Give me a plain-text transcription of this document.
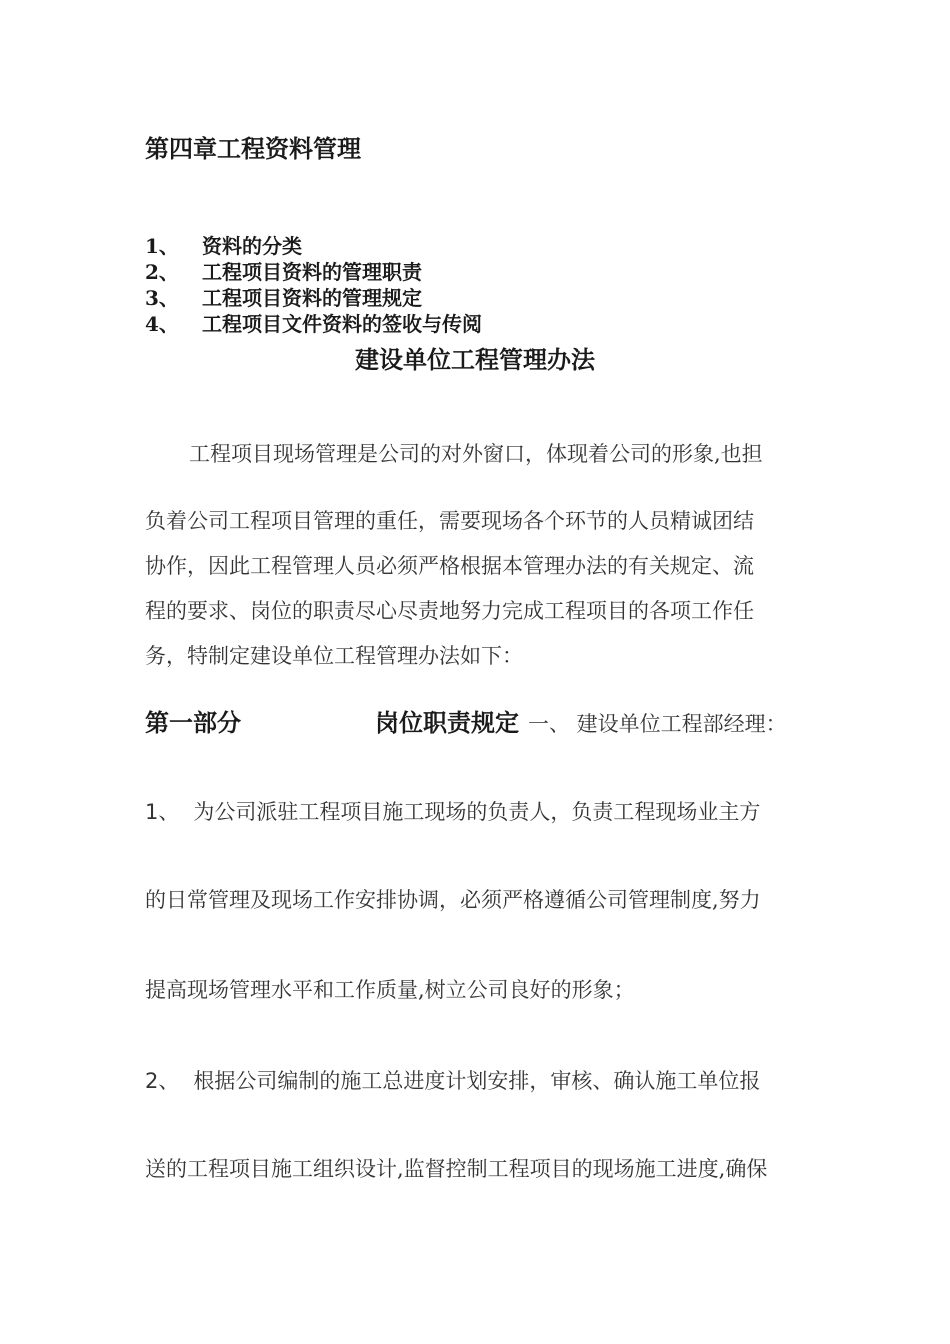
第四章工程资料管理
1、	资料的分类
2、	工程项目资料的管理职责
3、	工程项目资料的管理规定
4、	工程项目文件资料的签收与传阅
建设单位工程管理办法
工程项目现场管理是公司的对外窗口，体现着公司的形象,也担
负着公司工程项目管理的重任，需要现场各个环节的人员精诚团结
协作，因此工程管理人员必须严格根据本管理办法的有关规定、流
程的要求、岗位的职责尽心尽责地努力完成工程项目的各项工作任
务，特制定建设单位工程管理办法如下：
第一部分	岗位职责规定 一、 建设单位工程部经理：
1、 为公司派驻工程项目施工现场的负责人，负责工程现场业主方
的日常管理及现场工作安排协调，必须严格遵循公司管理制度,努力
提高现场管理水平和工作质量,树立公司良好的形象；
2、 根据公司编制的施工总进度计划安排，审核、确认施工单位报
送的工程项目施工组织设计,监督控制工程项目的现场施工进度,确保
